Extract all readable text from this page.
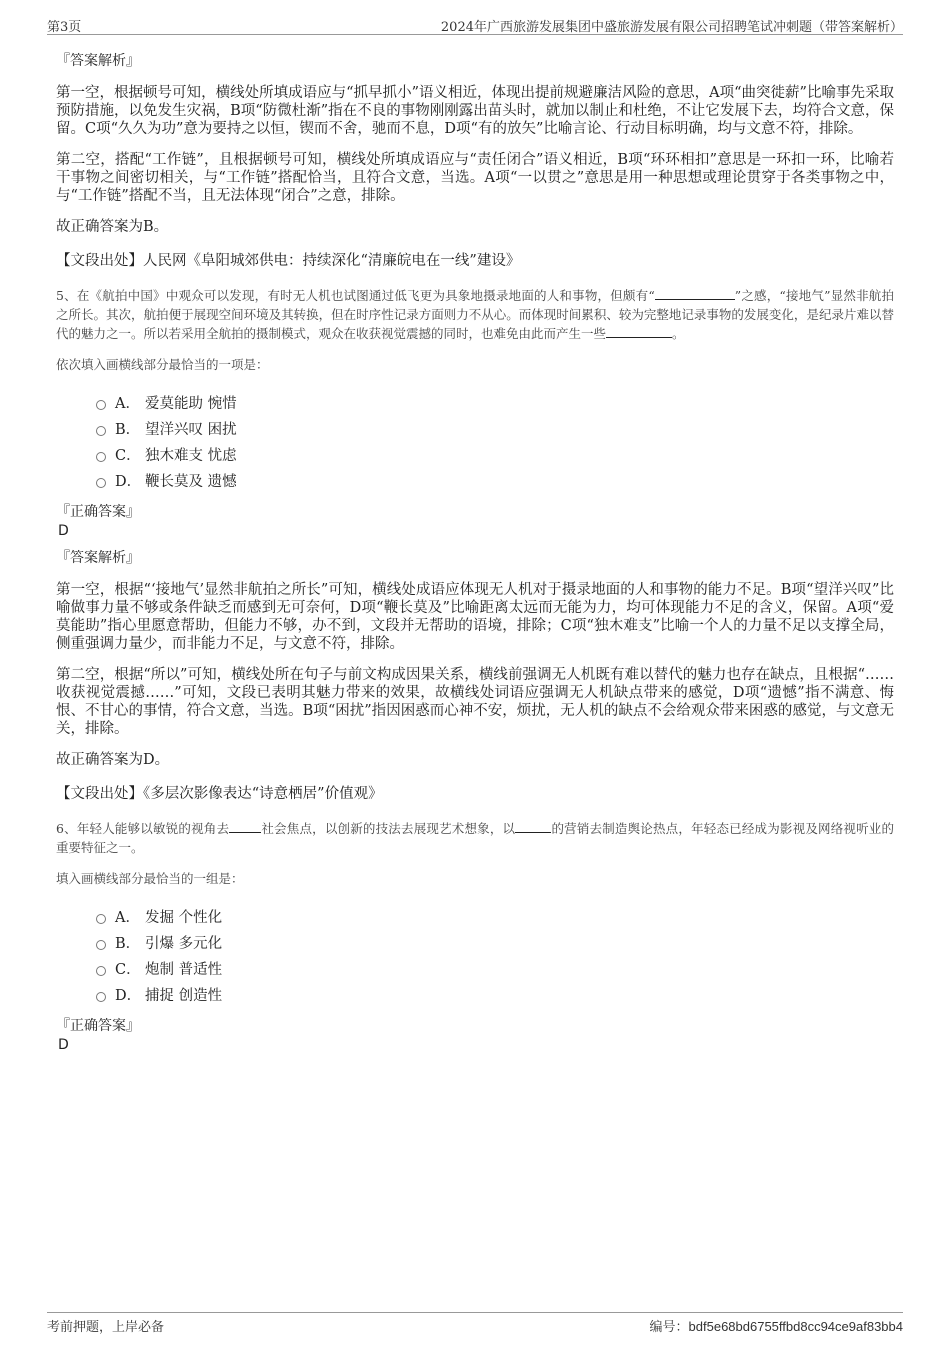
第3页	2024年广西旅游发展集团中盛旅游发展有限公司招聘笔试冲刺题（带答案解析）
『答案解析』

第一空，根据顿号可知，横线处所填成语应与“抓早抓小”语义相近，体现出提前规避廉洁风险的意思，A项“曲突徙薪”比喻事先采取预防措施，以免发生灾祸，B项“防微杜渐”指在不良的事物刚刚露出苗头时，就加以制止和杜绝，不让它发展下去，均符合文意，保留。C项“久久为功”意为要持之以恒，锲而不舍，驰而不息，D项“有的放矢”比喻言论、行动目标明确，均与文意不符，排除。

第二空，搭配“工作链”，且根据顿号可知，横线处所填成语应与“责任闭合”语义相近，B项“环环相扣”意思是一环扣一环，比喻若干事物之间密切相关，与“工作链”搭配恰当，且符合文意，当选。A项“一以贯之”意思是用一种思想或理论贯穿于各类事物之中，与“工作链”搭配不当，且无法体现“闭合”之意，排除。

故正确答案为B。

【文段出处】人民网《阜阳城郊供电：持续深化“清廉皖电在一线”建设》
5、在《航拍中国》中观众可以发现，有时无人机也试图通过低飞更为具象地摄录地面的人和事物，但颇有“	”之感，“接地气”显然非航拍之所长。其次，航拍便于展现空间环境及其转换，但在时序性记录方面则力不从心。而体现时间累积、较为完整地记录事物的发展变化，是纪录片难以替代的魅力之一。所以若采用全航拍的摄制模式，观众在收获视觉震撼的同时，也难免由此而产生一些	。
依次填入画横线部分最恰当的一项是：
A． 爱莫能助 惋惜
B． 望洋兴叹 困扰
C． 独木难支 忧虑
D． 鞭长莫及 遗憾
『正确答案』
D
『答案解析』

第一空，根据“‘接地气’显然非航拍之所长”可知，横线处成语应体现无人机对于摄录地面的人和事物的能力不足。B项“望洋兴叹”比喻做事力量不够或条件缺乏而感到无可奈何，D项“鞭长莫及”比喻距离太远而无能为力，均可体现能力不足的含义，保留。A项“爱莫能助”指心里愿意帮助，但能力不够，办不到，文段并无帮助的语境，排除；C项“独木难支”比喻一个人的力量不足以支撑全局，侧重强调力量少，而非能力不足，与文意不符，排除。

第二空，根据“所以”可知，横线处所在句子与前文构成因果关系，横线前强调无人机既有难以替代的魅力也存在缺点，且根据“……收获视觉震撼……”可知，文段已表明其魅力带来的效果，故横线处词语应强调无人机缺点带来的感觉，D项“遗憾”指不满意、悔恨、不甘心的事情，符合文意，当选。B项“困扰”指因困惑而心神不安，烦扰，无人机的缺点不会给观众带来困惑的感觉，与文意无关，排除。

故正确答案为D。

【文段出处】《多层次影像表达“诗意栖居”价值观》
6、年轻人能够以敏锐的视角去	社会焦点，以创新的技法去展现艺术想象，以	的营销去制造舆论热点，年轻态已经成为影视及网络视听业的重要特征之一。
填入画横线部分最恰当的一组是：
A． 发掘 个性化
B． 引爆 多元化
C． 炮制 普适性
D． 捕捉 创造性
『正确答案』
D
考前押题，上岸必备	编号：bdf5e68bd6755ffbd8cc94ce9af83bb4
